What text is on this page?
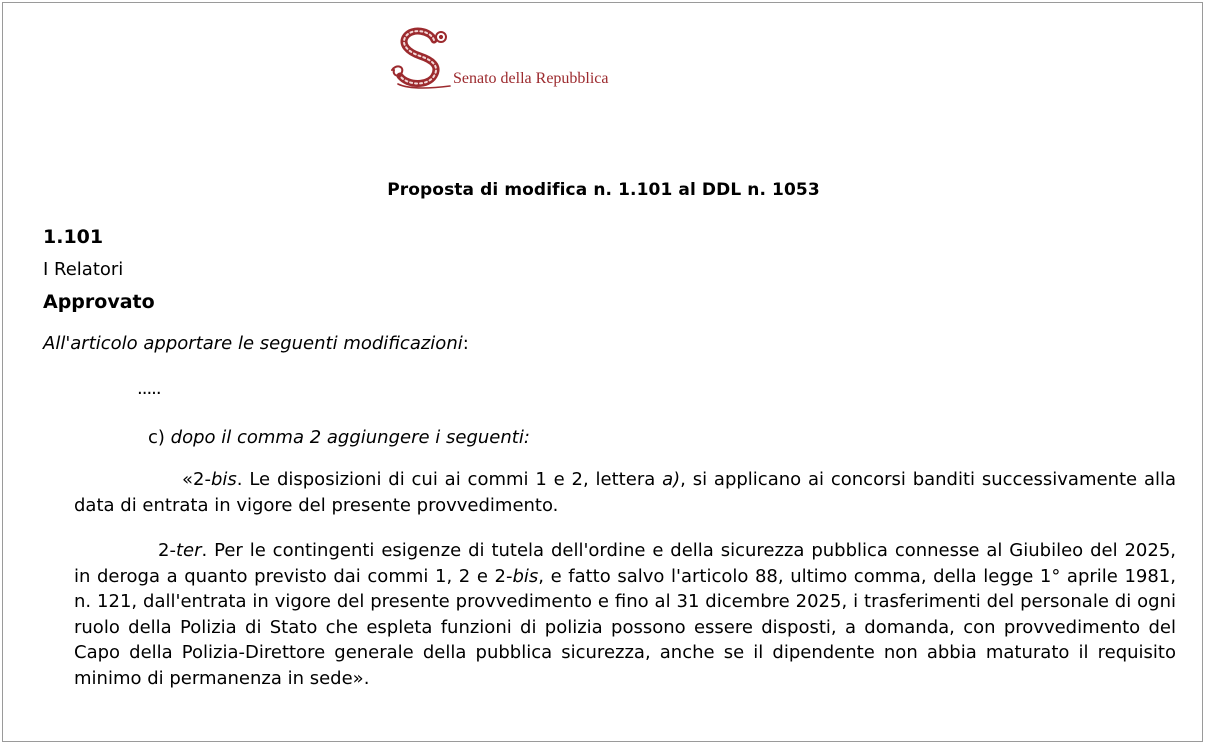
Senato della Repubblica
Proposta di modifica n. 1.101 al DDL n. 1053

1.101

I Relatori

Approvato

All'articolo apportare le seguenti modificazioni:

.....

c) dopo il comma 2 aggiungere i seguenti:

«2-bis. Le disposizioni di cui ai commi 1 e 2, lettera a), si applicano ai concorsi banditi successivamente alla data di entrata in vigore del presente provvedimento.

2-ter. Per le contingenti esigenze di tutela dell'ordine e della sicurezza pubblica connesse al Giubileo del 2025, in deroga a quanto previsto dai commi 1, 2 e 2-bis, e fatto salvo l'articolo 88, ultimo comma, della legge 1° aprile 1981, n. 121, dall'entrata in vigore del presente provvedimento e fino al 31 dicembre 2025, i trasferimenti del personale di ogni ruolo della Polizia di Stato che espleta funzioni di polizia possono essere disposti, a domanda, con provvedimento del Capo della Polizia-Direttore generale della pubblica sicurezza, anche se il dipendente non abbia maturato il requisito minimo di permanenza in sede».
